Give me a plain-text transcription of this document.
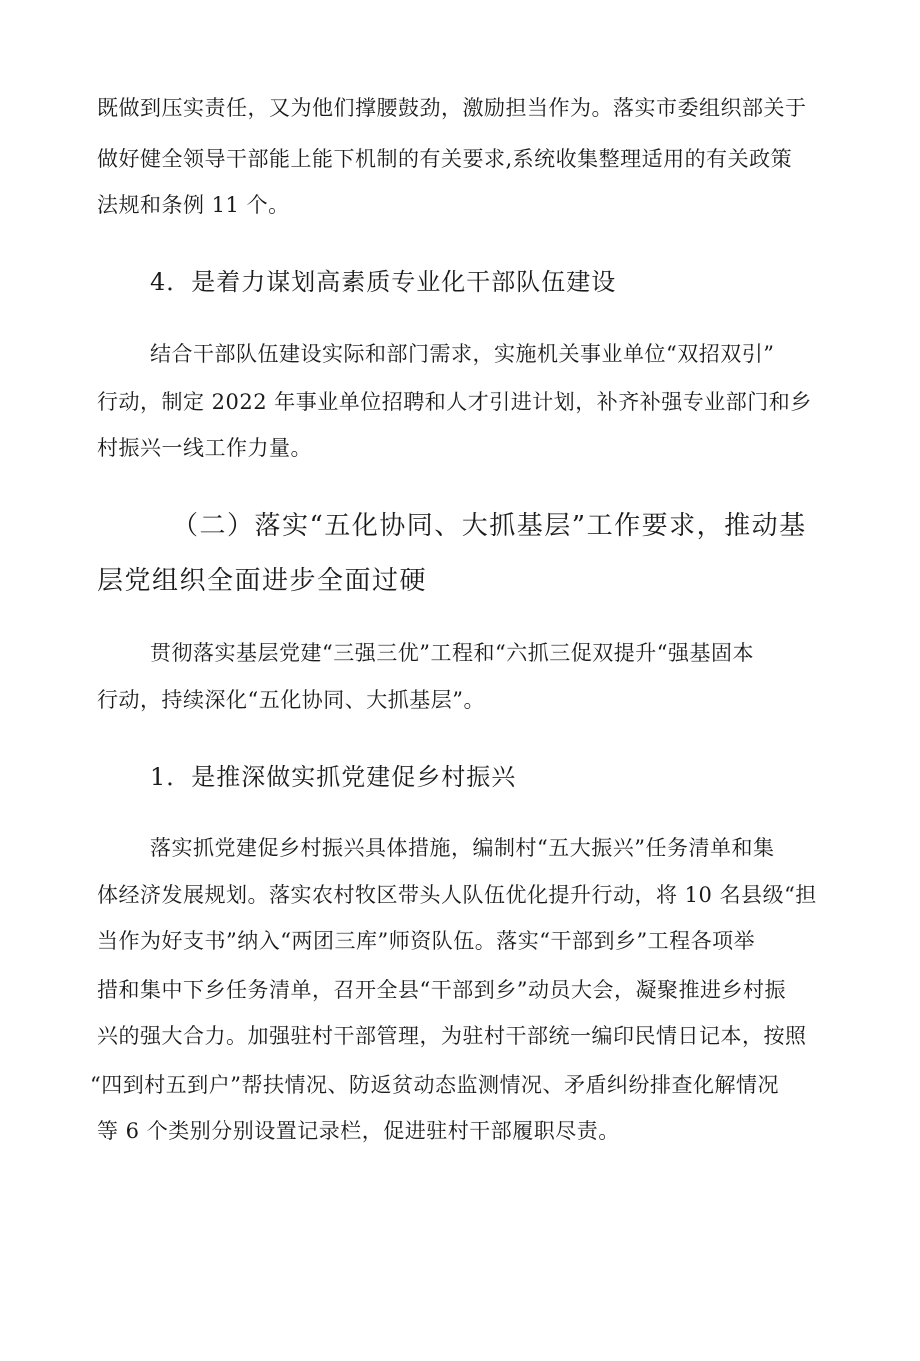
既做到压实责任，又为他们撑腰鼓劲，激励担当作为。落实市委组织部关于
做好健全领导干部能上能下机制的有关要求,系统收集整理适用的有关政策
法规和条例 11 个。
4．是着力谋划高素质专业化干部队伍建设
结合干部队伍建设实际和部门需求，实施机关事业单位“双招双引”
行动，制定 2022 年事业单位招聘和人才引进计划，补齐补强专业部门和乡
村振兴一线工作力量。
（二）落实“五化协同、大抓基层”工作要求，推动基
层党组织全面进步全面过硬
贯彻落实基层党建“三强三优”工程和“六抓三促双提升“强基固本
行动，持续深化“五化协同、大抓基层”。
1．是推深做实抓党建促乡村振兴
落实抓党建促乡村振兴具体措施，编制村“五大振兴”任务清单和集
体经济发展规划。落实农村牧区带头人队伍优化提升行动，将 10 名县级“担
当作为好支书”纳入“两团三库”师资队伍。落实“干部到乡”工程各项举
措和集中下乡任务清单，召开全县“干部到乡”动员大会，凝聚推进乡村振
兴的强大合力。加强驻村干部管理，为驻村干部统一编印民情日记本，按照
“四到村五到户”帮扶情况、防返贫动态监测情况、矛盾纠纷排查化解情况
等 6 个类别分别设置记录栏，促进驻村干部履职尽责。
